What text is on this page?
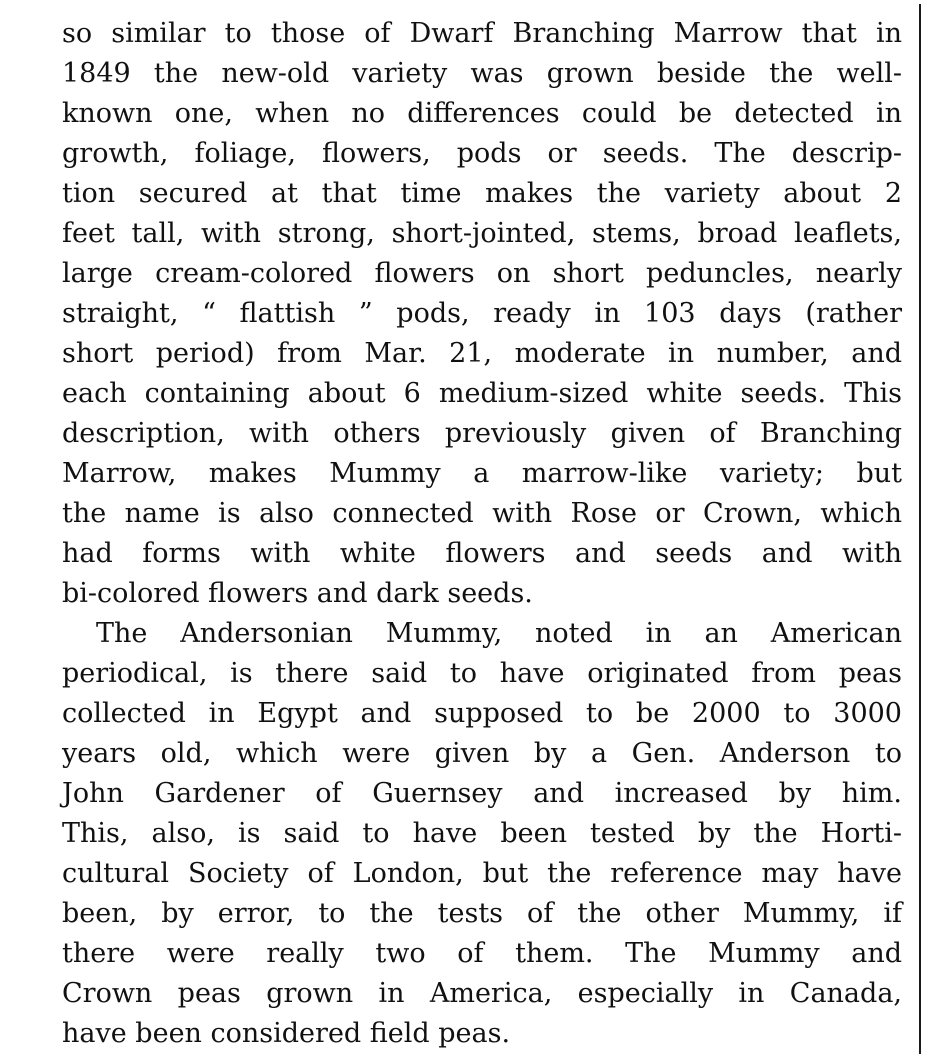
so similar to those of Dwarf Branching Marrow that in
1849 the new-old variety was grown beside the well-
known one, when no differences could be detected in
growth, foliage, flowers, pods or seeds. The descrip-
tion secured at that time makes the variety about 2
feet tall, with strong, short-jointed, stems, broad leaflets,
large cream-colored flowers on short peduncles, nearly
straight, “ flattish ” pods, ready in 103 days (rather
short period) from Mar. 21, moderate in number, and
each containing about 6 medium-sized white seeds. This
description, with others previously given of Branching
Marrow, makes Mummy a marrow-like variety; but
the name is also connected with Rose or Crown, which
had forms with white flowers and seeds and with
bi-colored flowers and dark seeds.
The Andersonian Mummy, noted in an American
periodical, is there said to have originated from peas
collected in Egypt and supposed to be 2000 to 3000
years old, which were given by a Gen. Anderson to
John Gardener of Guernsey and increased by him.
This, also, is said to have been tested by the Horti-
cultural Society of London, but the reference may have
been, by error, to the tests of the other Mummy, if
there were really two of them. The Mummy and
Crown peas grown in America, especially in Canada,
have been considered field peas.
